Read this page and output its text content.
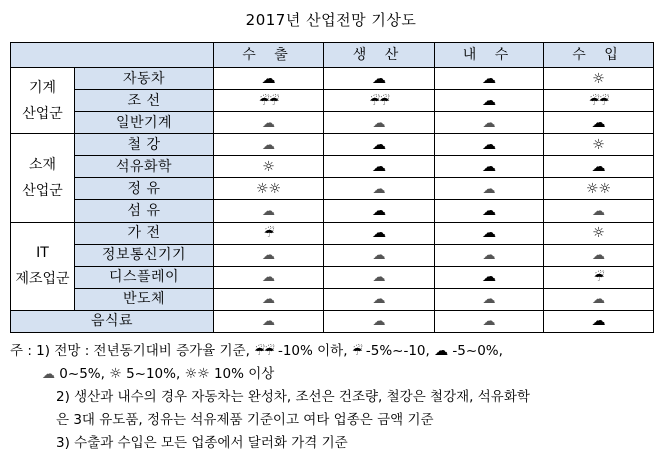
2017년 산업전망 기상도
		수 출	생 산	내 수	수 입

기계
산업군	자동차	☁	☁	☁	☼
	조 선	☔☔	☔☔	☁	☔☔
	일반기계	☁	☁	☁	☁

소재
산업군	철 강	☁	☁	☁	☼
	석유화학	☼	☁	☁	☁
	정 유	☼☼	☁	☁	☼☼
	섬 유	☁	☁	☁	☁

IT
제조업군	가 전	☔	☁	☁	☼
	정보통신기기	☁	☁	☁	☁
	디스플레이	☁	☁	☁	☔
	반도체	☁	☁	☁	☁
음식료		☁	☁	☁	☁
주 : 1) 전망 : 전년동기대비 증가율 기준, ☔☔ -10% 이하, ☔ -5%~-10, ☁ -5~0%,
☁ 0~5%, ☼ 5~10%, ☼☼ 10% 이상
2) 생산과 내수의 경우 자동차는 완성차, 조선은 건조량, 철강은 철강재, 석유화학
은 3대 유도품, 정유는 석유제품 기준이고 여타 업종은 금액 기준
3) 수출과 수입은 모든 업종에서 달러화 가격 기준
